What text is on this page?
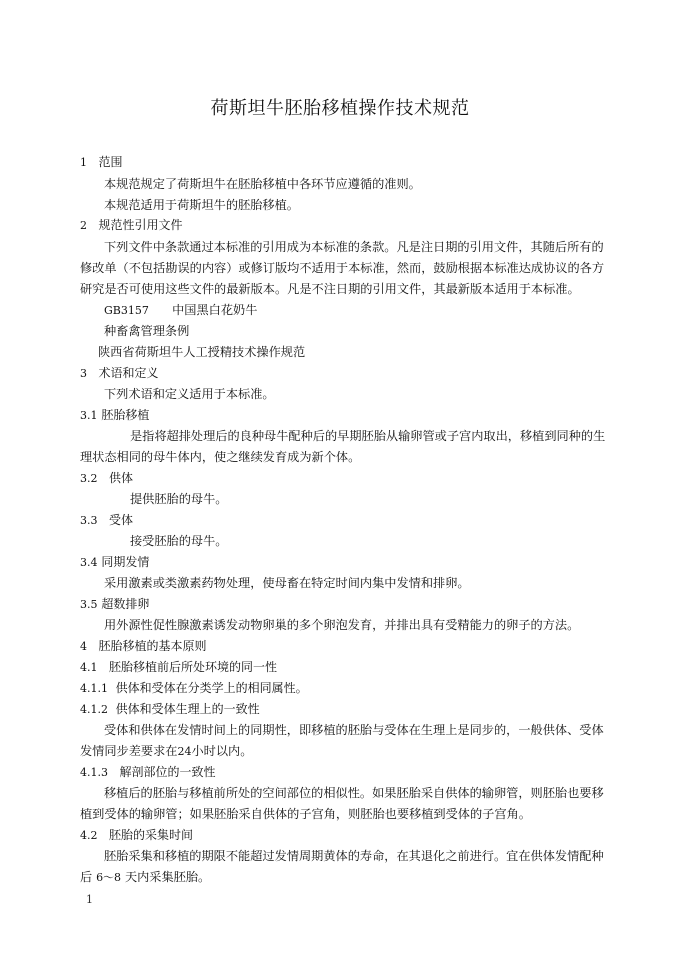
荷斯坦牛胚胎移植操作技术规范
1 范围
本规范规定了荷斯坦牛在胚胎移植中各环节应遵循的准则。
本规范适用于荷斯坦牛的胚胎移植。
2 规范性引用文件
下列文件中条款通过本标准的引用成为本标准的条款。凡是注日期的引用文件，其随后所有的
修改单（不包括勘误的内容）或修订版均不适用于本标准，然而，鼓励根据本标准达成协议的各方
研究是否可使用这些文件的最新版本。凡是不注日期的引用文件，其最新版本适用于本标准。
GB3157 中国黑白花奶牛
种畜禽管理条例
陕西省荷斯坦牛人工授精技术操作规范
3 术语和定义
下列术语和定义适用于本标准。
3.1 胚胎移植
是指将超排处理后的良种母牛配种后的早期胚胎从输卵管或子宫内取出，移植到同种的生
理状态相同的母牛体内，使之继续发育成为新个体。
3.2 供体
提供胚胎的母牛。
3.3 受体
接受胚胎的母牛。
3.4 同期发情
采用激素或类激素药物处理，使母畜在特定时间内集中发情和排卵。
3.5 超数排卵
用外源性促性腺激素诱发动物卵巢的多个卵泡发育，并排出具有受精能力的卵子的方法。
4 胚胎移植的基本原则
4.1 胚胎移植前后所处环境的同一性
4.1.1 供体和受体在分类学上的相同属性。
4.1.2 供体和受体生理上的一致性
受体和供体在发情时间上的同期性，即移植的胚胎与受体在生理上是同步的，一般供体、受体
发情同步差要求在24小时以内。
4.1.3 解剖部位的一致性
移植后的胚胎与移植前所处的空间部位的相似性。如果胚胎采自供体的输卵管，则胚胎也要移
植到受体的输卵管；如果胚胎采自供体的子宫角，则胚胎也要移植到受体的子宫角。
4.2 胚胎的采集时间
胚胎采集和移植的期限不能超过发情周期黄体的寿命，在其退化之前进行。宜在供体发情配种
后 6～8 天内采集胚胎。
1
